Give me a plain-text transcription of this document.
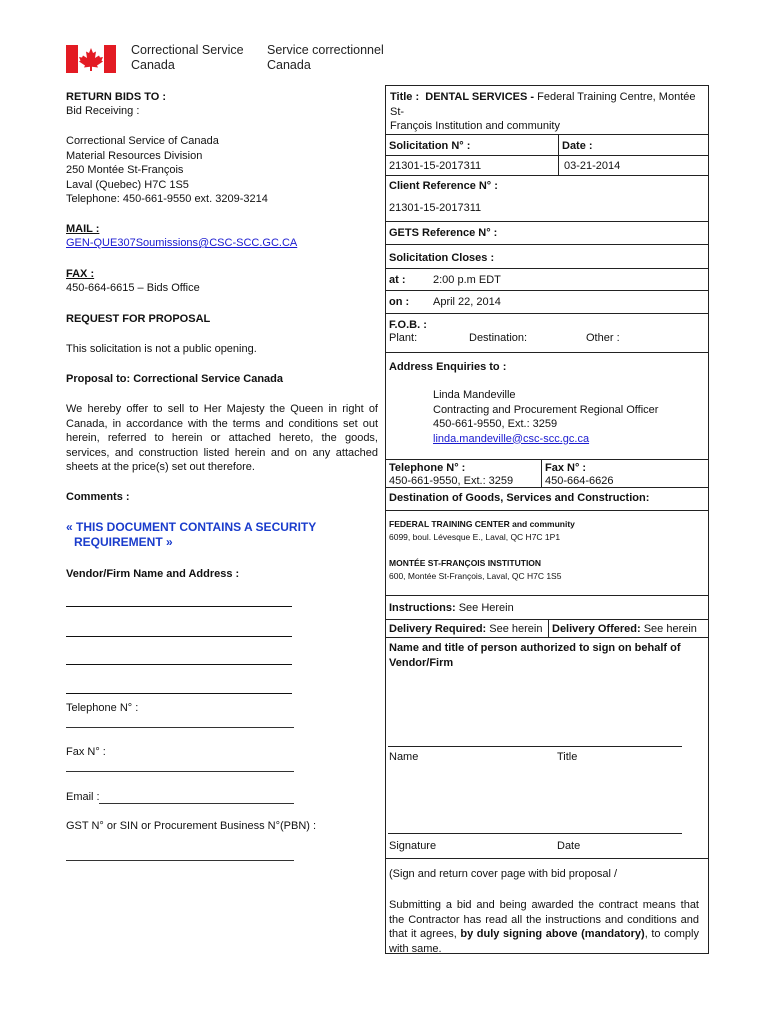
Correctional Service
Canada
Service correctionnel
Canada
RETURN BIDS TO :
Bid Receiving :
Correctional Service of Canada
Material Resources Division
250 Montée St-François
Laval (Quebec) H7C 1S5
Telephone: 450-661-9550 ext. 3209-3214
MAIL :
GEN-QUE307Soumissions@CSC-SCC.GC.CA
FAX :
450-664-6615 – Bids Office
REQUEST FOR PROPOSAL
This solicitation is not a public opening.
Proposal to: Correctional Service Canada
We hereby offer to sell to Her Majesty the Queen in right of Canada, in accordance with the terms and conditions set out herein, referred to herein or attached hereto, the goods, services, and construction listed herein and on any attached sheets at the price(s) set out therefore.
Comments :
« THIS DOCUMENT CONTAINS A SECURITY
REQUIREMENT »
Vendor/Firm Name and Address :
Telephone N° :
Fax N° :
Email :
GST N° or SIN or Procurement Business N°(PBN) :
Title : DENTAL SERVICES - Federal Training Centre, Montée St-
François Institution and community
Solicitation N° :
21301-15-2017311
Date :
03-21-2014
Client Reference N° :
21301-15-2017311
GETS Reference N° :
Solicitation Closes :
at :	2:00 p.m EDT
on : April 22, 2014
F.O.B. :
Plant:	Destination:	Other :
Address Enquiries to :
Linda Mandeville
Contracting and Procurement Regional Officer
450-661-9550, Ext.: 3259
linda.mandeville@csc-scc.gc.ca
Telephone N° :
450-661-9550, Ext.: 3259
Fax N° :
450-664-6626
Destination of Goods, Services and Construction:
FEDERAL TRAINING CENTER and community
6099, boul. Lévesque E., Laval, QC H7C 1P1
MONTÉE ST-FRANÇOIS INSTITUTION
600, Montée St-François, Laval, QC H7C 1S5
Instructions: See Herein
Delivery Required: See herein Delivery Offered: See herein
Name and title of person authorized to sign on behalf of
Vendor/Firm
Name	Title
Signature	Date
(Sign and return cover page with bid proposal /
Submitting a bid and being awarded the contract means that the Contractor has read all the instructions and conditions and that it agrees, by duly signing above (mandatory), to comply with same.
